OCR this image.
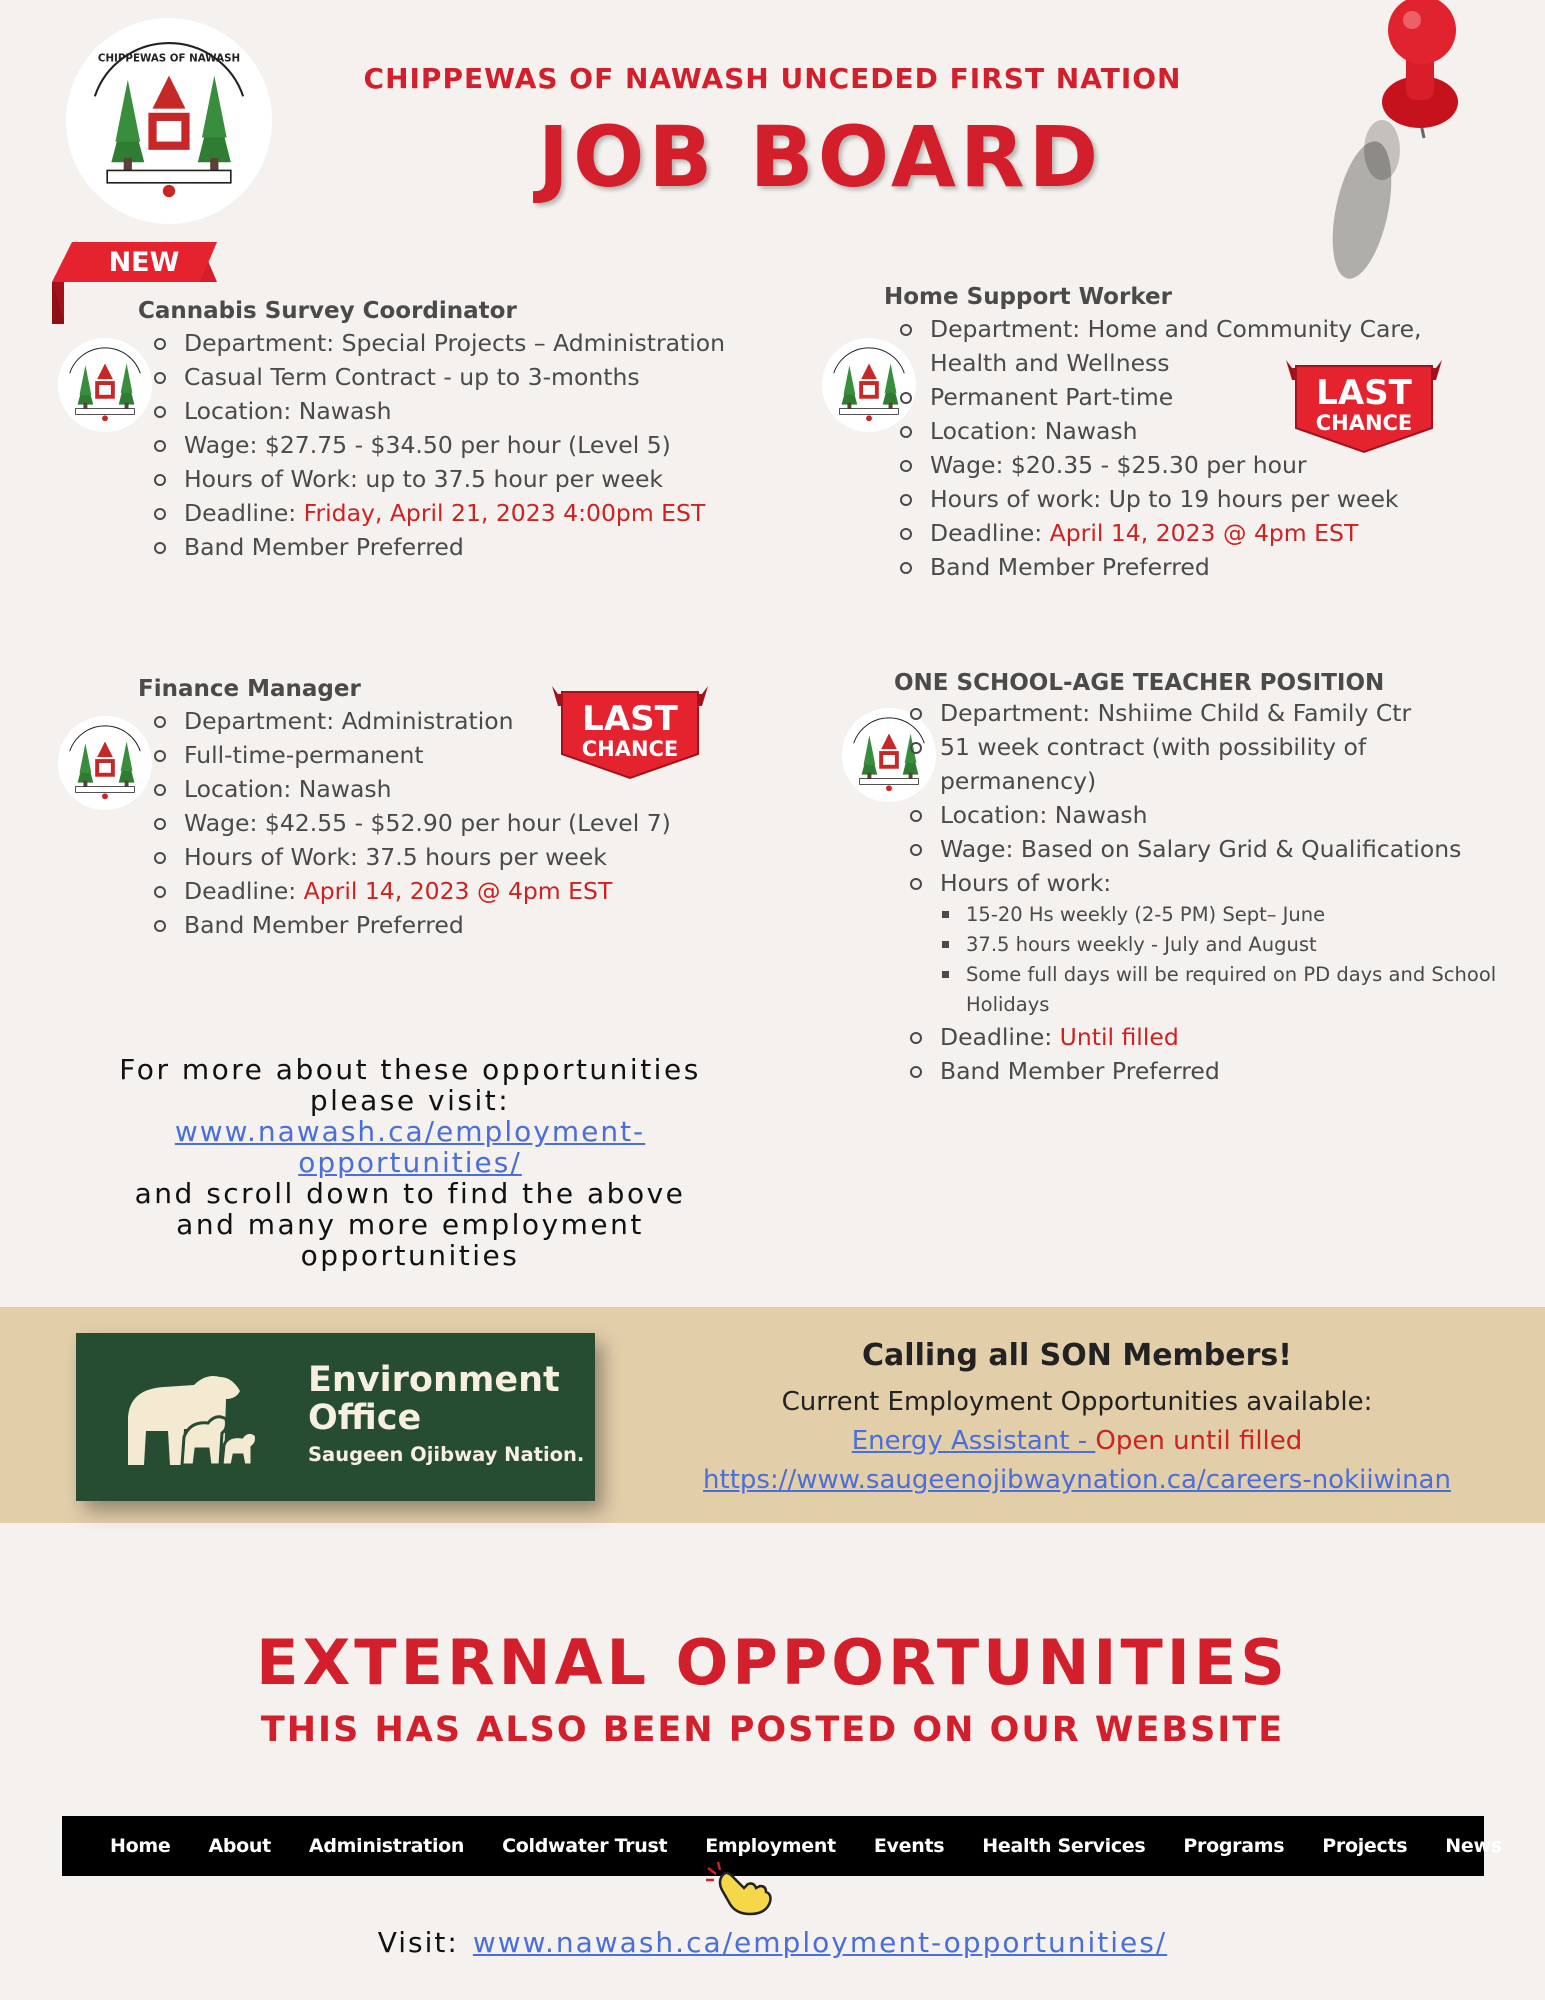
CHIPPEWAS OF NAWASH
CHIPPEWAS OF NAWASH UNCEDED FIRST NATION
JOB BOARD
NEW
Cannabis Survey Coordinator
Department: Special Projects – Administration
Casual Term Contract - up to 3-months
Location: Nawash
Wage: $27.75 - $34.50 per hour (Level 5)
Hours of Work: up to 37.5 hour per week
Deadline: Friday, April 21, 2023 4:00pm EST
Band Member Preferred
Home Support Worker
Department: Home and Community Care, Health and Wellness
Permanent Part-time
Location: Nawash
Wage: $20.35 - $25.30 per hour
Hours of work: Up to 19 hours per week
Deadline: April 14, 2023 @ 4pm EST
Band Member Preferred
LAST
CHANCE
Finance Manager
Department: Administration
Full-time-permanent
Location: Nawash
Wage: $42.55 - $52.90 per hour (Level 7)
Hours of Work: 37.5 hours per week
Deadline: April 14, 2023 @ 4pm EST
Band Member Preferred
LAST
CHANCE
ONE SCHOOL-AGE TEACHER POSITION
Department: Nshiime Child & Family Ctr
51 week contract (with possibility of permanency)
Location: Nawash
Wage: Based on Salary Grid & Qualifications
Hours of work:
15-20 Hs weekly (2-5 PM) Sept– June
37.5 hours weekly - July and August
Some full days will be required on PD days and School Holidays
Deadline: Until filled
Band Member Preferred
For more about these opportunities please visit:
www.nawash.ca/employment-opportunities/
and scroll down to find the above and many more employment opportunities
Environment
Office
Saugeen Ojibway Nation.
Calling all SON Members!
Current Employment Opportunities available:
Energy Assistant - Open until filled
https://www.saugeenojibwaynation.ca/careers-nokiiwinan
EXTERNAL OPPORTUNITIES
THIS HAS ALSO BEEN POSTED ON OUR WEBSITE
Home About Administration Coldwater Trust Employment Events Health Services Programs Projects News
Visit: www.nawash.ca/employment-opportunities/
